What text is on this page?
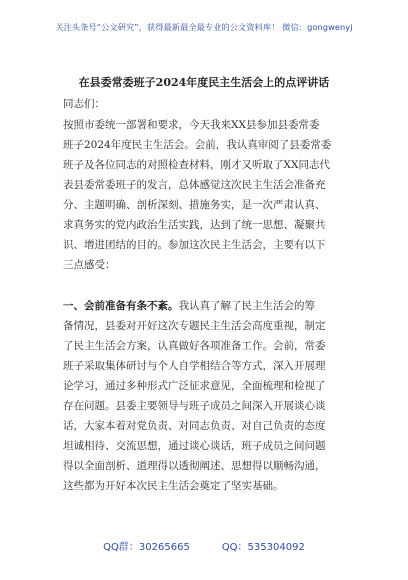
关注头条号“公文研究”，获得最新最全最专业的公文资料库！ 微信：gongwenyj
在县委常委班子2024年度民主生活会上的点评讲话
同志们：
按照市委统一部署和要求，今天我来XX县参加县委常委
班子2024年度民主生活会。会前，我认真审阅了县委常委
班子及各位同志的对照检查材料，刚才又听取了XX同志代
表县委常委班子的发言，总体感觉这次民主生活会准备充
分、主题明确、剖析深刻、措施务实，是一次严肃认真、
求真务实的党内政治生活实践，达到了统一思想、凝聚共
识、增进团结的目的。参加这次民主生活会，主要有以下
三点感受：
一、会前准备有条不紊。我认真了解了民主生活会的筹
备情况，县委对开好这次专题民主生活会高度重视，制定
了民主生活会方案，认真做好各项准备工作。会前，常委
班子采取集体研讨与个人自学相结合等方式，深入开展理
论学习，通过多种形式广泛征求意见，全面梳理和检视了
存在问题。县委主要领导与班子成员之间深入开展谈心谈
话，大家本着对党负责、对同志负责、对自己负责的态度
坦诚相待、交流思想，通过谈心谈话，班子成员之间问题
得以全面剖析、道理得以透彻阐述、思想得以顺畅沟通，
这些都为开好本次民主生活会奠定了坚实基础。
QQ群：30265665	QQ：535304092
